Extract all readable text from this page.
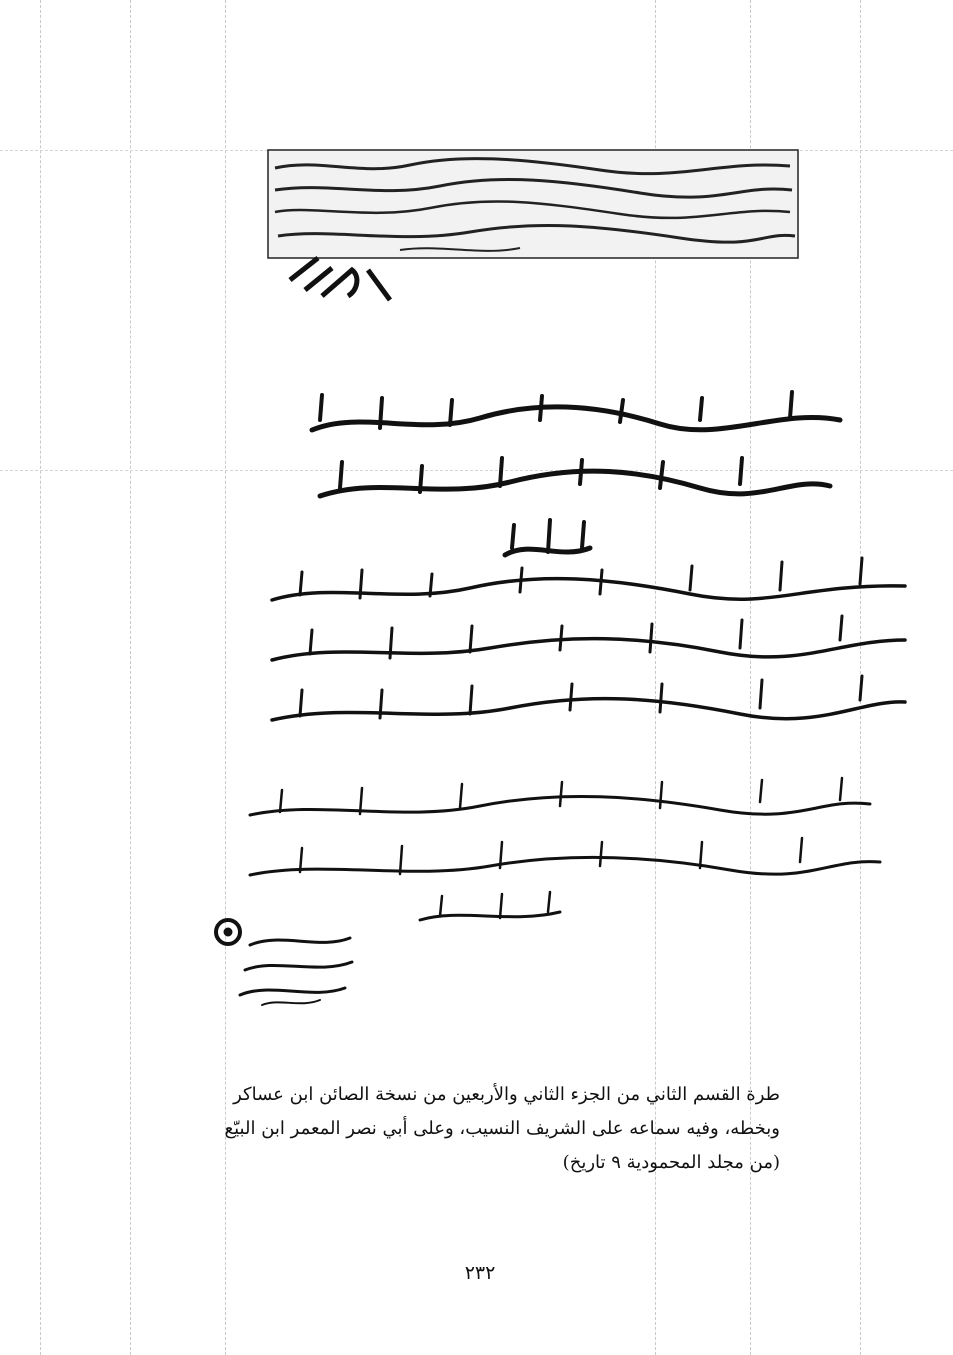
طرة القسم الثاني من الجزء الثاني والأربعين من نسخة الصائن ابن عساكر
وبخطه، وفيه سماعه على الشريف النسيب، وعلى أبي نصر المعمر ابن البيّع
(من مجلد المحمودية ٩ تاريخ)
٢٣٢
